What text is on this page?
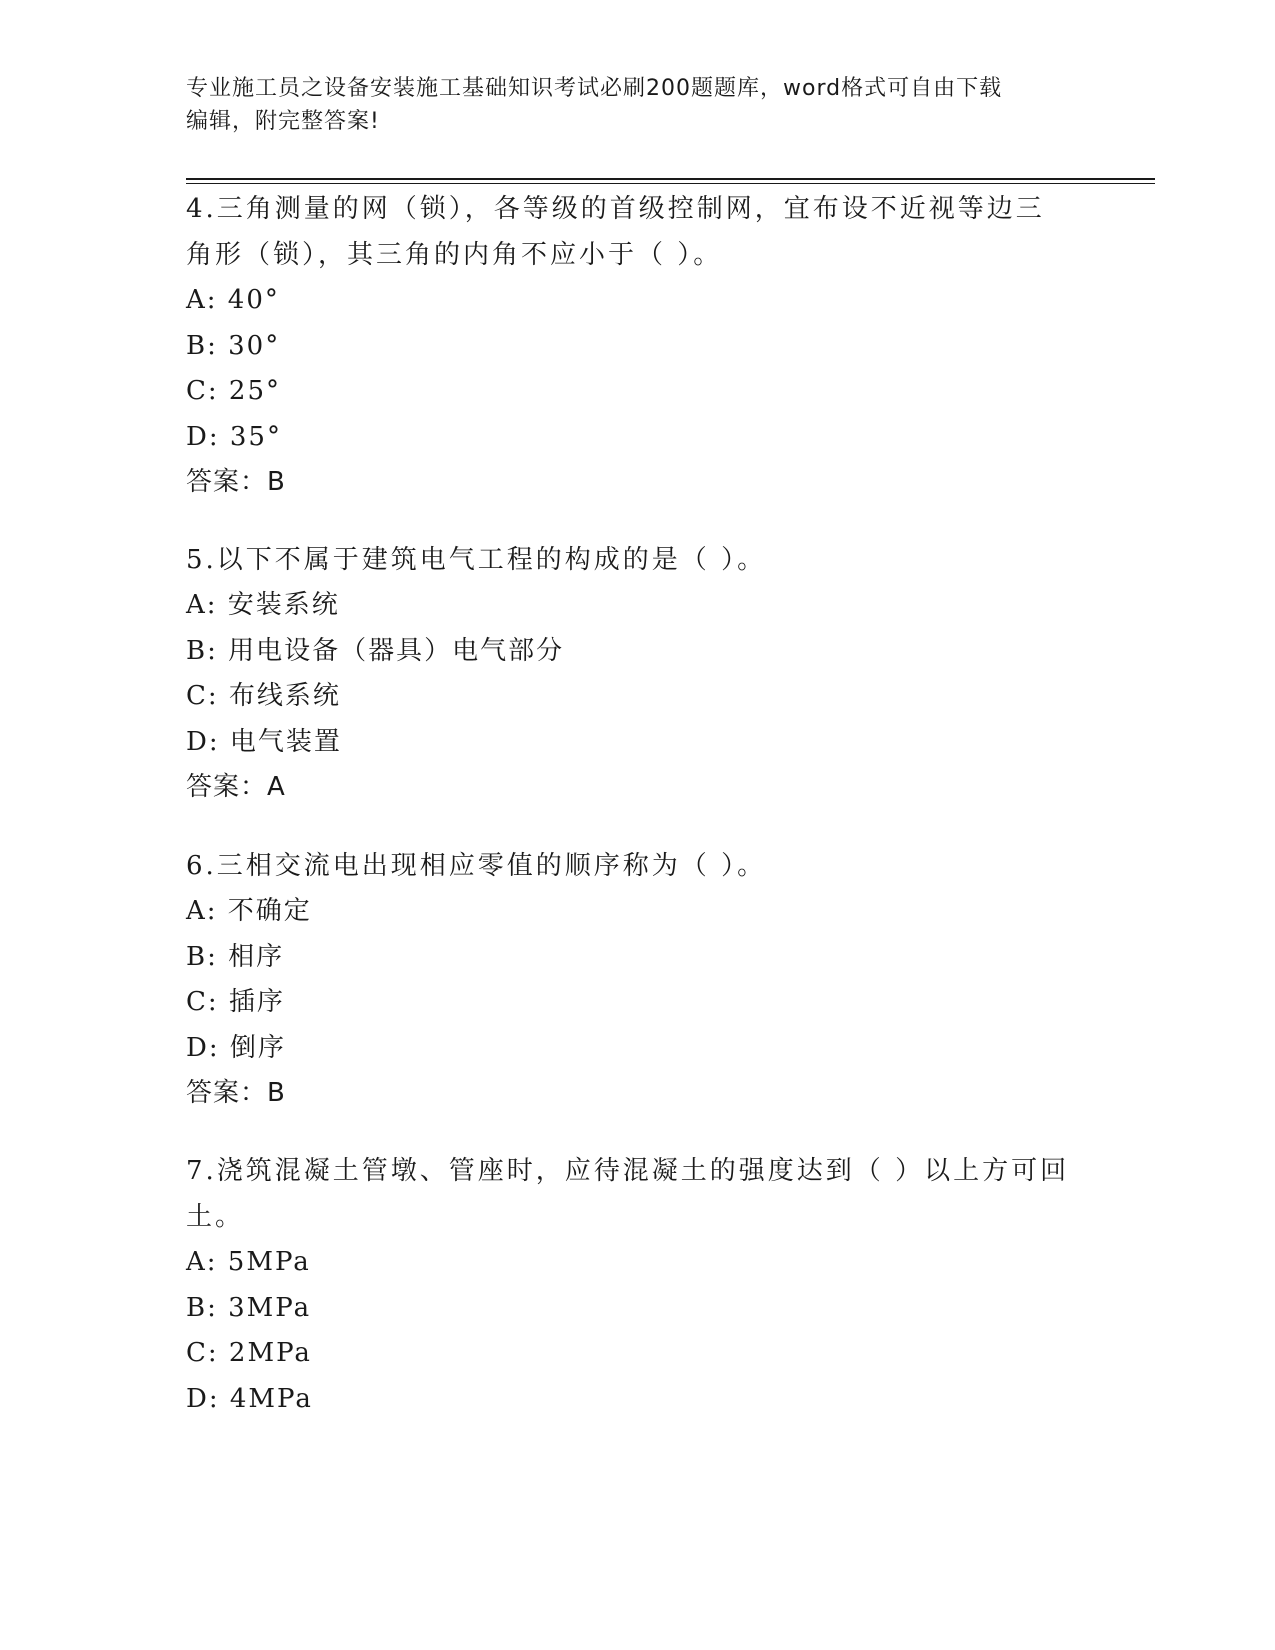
专业施工员之设备安装施工基础知识考试必刷200题题库，word格式可自由下载
编辑，附完整答案!
4.三角测量的网（锁），各等级的首级控制网，宜布设不近视等边三
角形（锁），其三角的内角不应小于（ ）。
A: 40°
B: 30°
C: 25°
D: 35°
答案：B
5.以下不属于建筑电气工程的构成的是（ ）。
A: 安装系统
B: 用电设备（器具）电气部分
C: 布线系统
D: 电气装置
答案：A
6.三相交流电出现相应零值的顺序称为（ ）。
A: 不确定
B: 相序
C: 插序
D: 倒序
答案：B
7.浇筑混凝土管墩、管座时，应待混凝土的强度达到（ ）以上方可回
土。
A: 5MPa
B: 3MPa
C: 2MPa
D: 4MPa
